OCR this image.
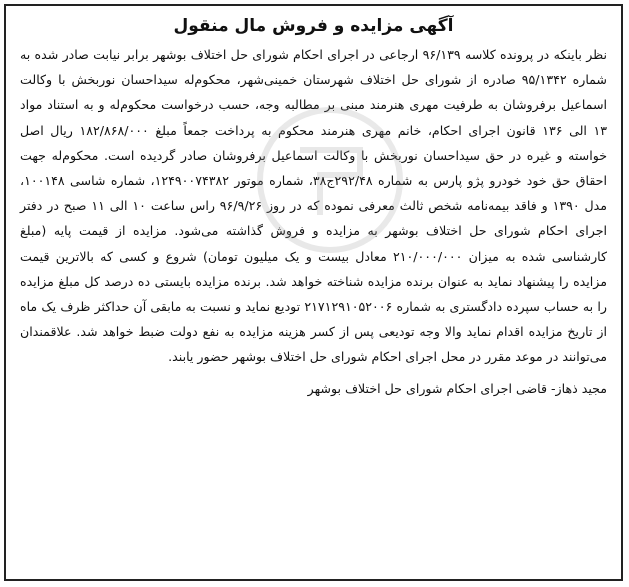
آگهی مزایده و فروش مال منقول

نظر باینکه در پرونده کلاسه ۹۶/۱۳۹ ارجاعی در اجرای احکام شورای حل اختلاف بوشهر برابر نیابت صادر شده به شماره ۹۵/۱۳۴۲ صادره از شورای حل اختلاف شهرستان خمینی‌شهر، محکوم‌له سیداحسان نوربخش با وکالت اسماعیل برفروشان به طرفیت مهری هنرمند مبنی بر مطالبه وجه، حسب درخواست محکوم‌له و به استناد مواد ۱۳ الی ۱۳۶ قانون اجرای احکام، خانم مهری هنرمند محکوم به پرداخت جمعاً مبلغ ۱۸۲/۸۶۸/۰۰۰ ریال اصل خواسته و غیره در حق سیداحسان نوربخش با وکالت اسماعیل برفروشان صادر گردیده است. محکوم‌له جهت احقاق حق خود خودرو پژو پارس به شماره ۲۹۲/۴۸ج۳۸، شماره موتور ۱۲۴۹۰۰۷۴۳۸۲، شماره شاسی ۱۰۰۱۴۸، مدل ۱۳۹۰ و فاقد بیمه‌نامه شخص ثالث معرفی نموده که در روز ۹۶/۹/۲۶ راس ساعت ۱۰ الی ۱۱ صبح در دفتر اجرای احکام شورای حل اختلاف بوشهر به مزایده و فروش گذاشته می‌شود. مزایده از قیمت پایه (مبلغ کارشناسی شده به میزان ۲۱۰/۰۰۰/۰۰۰ معادل بیست و یک میلیون تومان) شروع و کسی که بالاترین قیمت مزایده را پیشنهاد نماید به عنوان برنده مزایده شناخته خواهد شد. برنده مزایده بایستی ده درصد کل مبلغ مزایده را به حساب سپرده دادگستری به شماره ۲۱۷۱۲۹۱۰۵۲۰۰۶ تودیع نماید و نسبت به مابقی آن حداکثر ظرف یک ماه از تاریخ مزایده اقدام نماید والا وجه تودیعی پس از کسر هزینه مزایده به نفع دولت ضبط خواهد شد. علاقمندان می‌توانند در موعد مقرر در محل اجرای احکام شورای حل اختلاف بوشهر حضور یابند.

مجید ذهاز- قاضی اجرای احکام شورای حل اختلاف بوشهر
